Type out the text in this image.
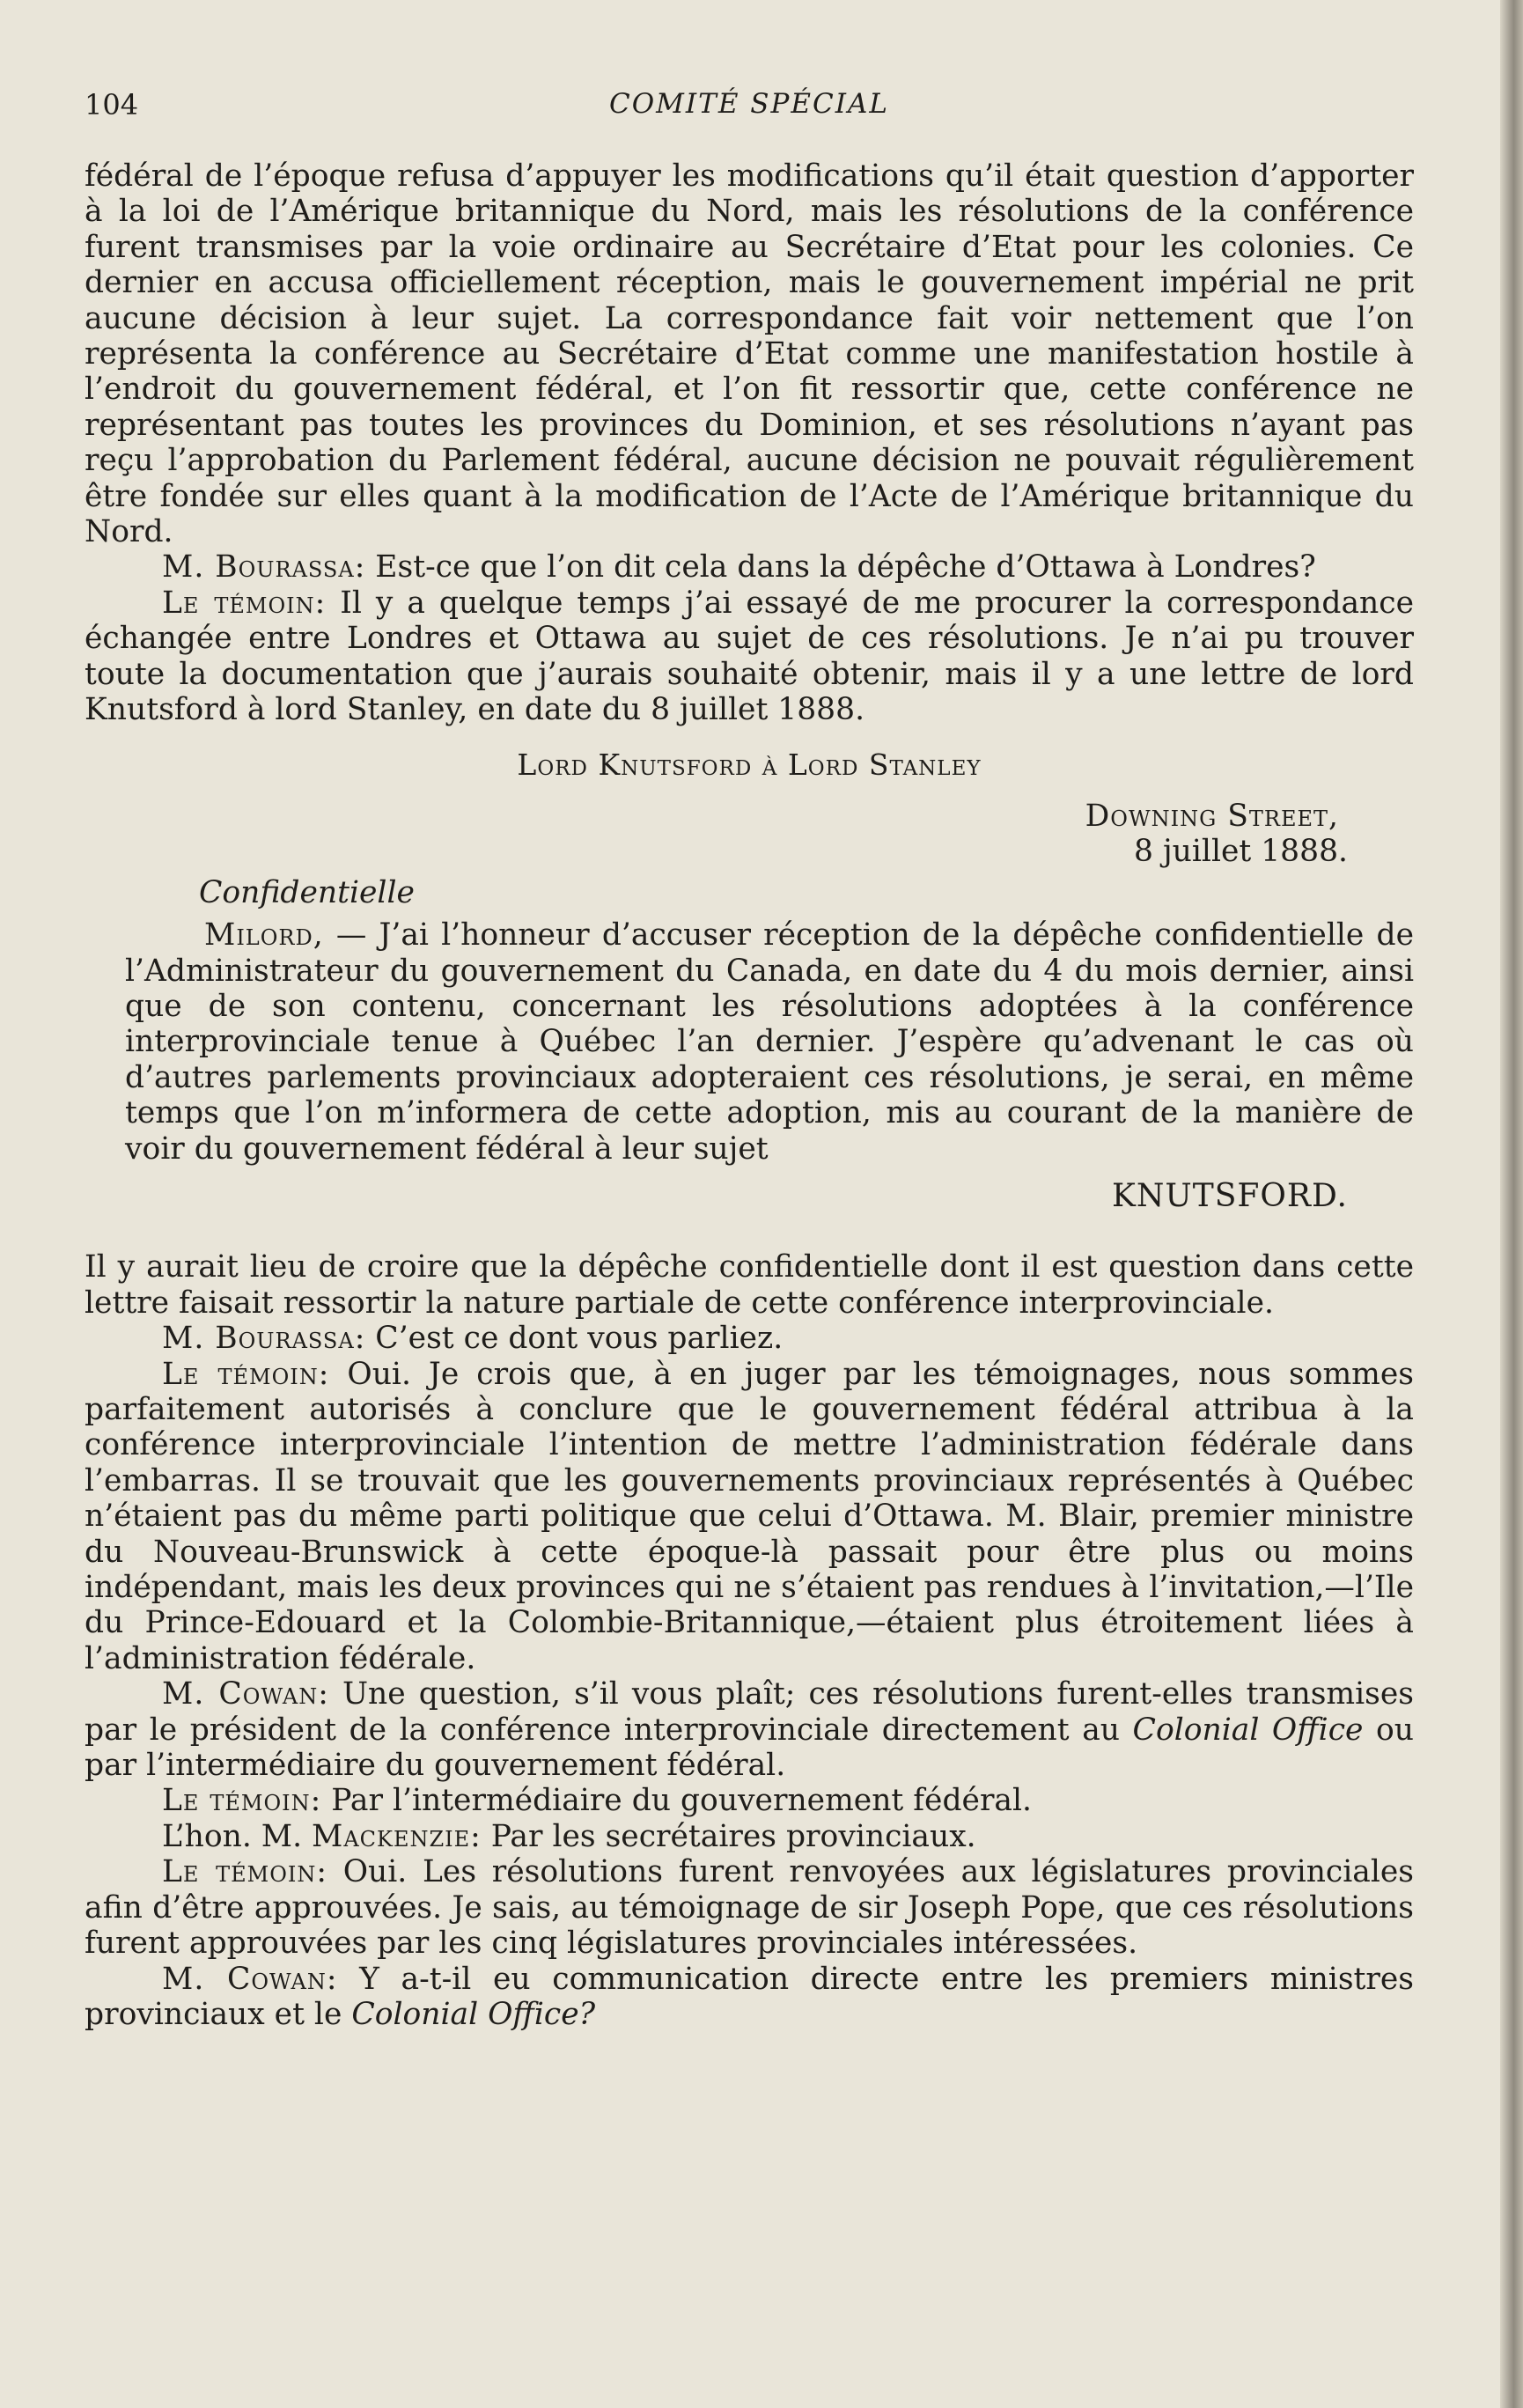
104	COMITÉ SPÉCIAL

fédéral de l’époque refusa d’appuyer les modifications qu’il était question d’apporter à la loi de l’Amérique britannique du Nord, mais les résolutions de la conférence furent transmises par la voie ordinaire au Secrétaire d’Etat pour les colonies. Ce dernier en accusa officiellement réception, mais le gouvernement impérial ne prit aucune décision à leur sujet. La correspondance fait voir nettement que l’on représenta la conférence au Secrétaire d’Etat comme une manifestation hostile à l’endroit du gouvernement fédéral, et l’on fit ressortir que, cette conférence ne représentant pas toutes les provinces du Dominion, et ses résolutions n’ayant pas reçu l’approbation du Parlement fédéral, aucune décision ne pouvait régulièrement être fondée sur elles quant à la modification de l’Acte de l’Amérique britannique du Nord.

M. Bourassa: Est-ce que l’on dit cela dans la dépêche d’Ottawa à Londres?

Le témoin: Il y a quelque temps j’ai essayé de me procurer la correspondance échangée entre Londres et Ottawa au sujet de ces résolutions. Je n’ai pu trouver toute la documentation que j’aurais souhaité obtenir, mais il y a une lettre de lord Knutsford à lord Stanley, en date du 8 juillet 1888.

Lord Knutsford à Lord Stanley

Downing Street,

8 juillet 1888.

Confidentielle

Milord, — J’ai l’honneur d’accuser réception de la dépêche confidentielle de l’Administrateur du gouvernement du Canada, en date du 4 du mois dernier, ainsi que de son contenu, concernant les résolutions adoptées à la conférence interprovinciale tenue à Québec l’an dernier. J’espère qu’advenant le cas où d’autres parlements provinciaux adopteraient ces résolutions, je serai, en même temps que l’on m’informera de cette adoption, mis au courant de la manière de voir du gouvernement fédéral à leur sujet

KNUTSFORD.

Il y aurait lieu de croire que la dépêche confidentielle dont il est question dans cette lettre faisait ressortir la nature partiale de cette conférence interprovinciale.

M. Bourassa: C’est ce dont vous parliez.

Le témoin: Oui. Je crois que, à en juger par les témoignages, nous sommes parfaitement autorisés à conclure que le gouvernement fédéral attribua à la conférence interprovinciale l’intention de mettre l’administration fédérale dans l’embarras. Il se trouvait que les gouvernements provinciaux représentés à Québec n’étaient pas du même parti politique que celui d’Ottawa. M. Blair, premier ministre du Nouveau-Brunswick à cette époque-là passait pour être plus ou moins indépendant, mais les deux provinces qui ne s’étaient pas rendues à l’invitation,—l’Ile du Prince-Edouard et la Colombie-Britannique,—étaient plus étroitement liées à l’administration fédérale.

M. Cowan: Une question, s’il vous plaît; ces résolutions furent-elles transmises par le président de la conférence interprovinciale directement au Colonial Office ou par l’intermédiaire du gouvernement fédéral.

Le témoin: Par l’intermédiaire du gouvernement fédéral.

L’hon. M. Mackenzie: Par les secrétaires provinciaux.

Le témoin: Oui. Les résolutions furent renvoyées aux législatures provinciales afin d’être approuvées. Je sais, au témoignage de sir Joseph Pope, que ces résolutions furent approuvées par les cinq législatures provinciales intéressées.

M. Cowan: Y a-t-il eu communication directe entre les premiers ministres provinciaux et le Colonial Office?
